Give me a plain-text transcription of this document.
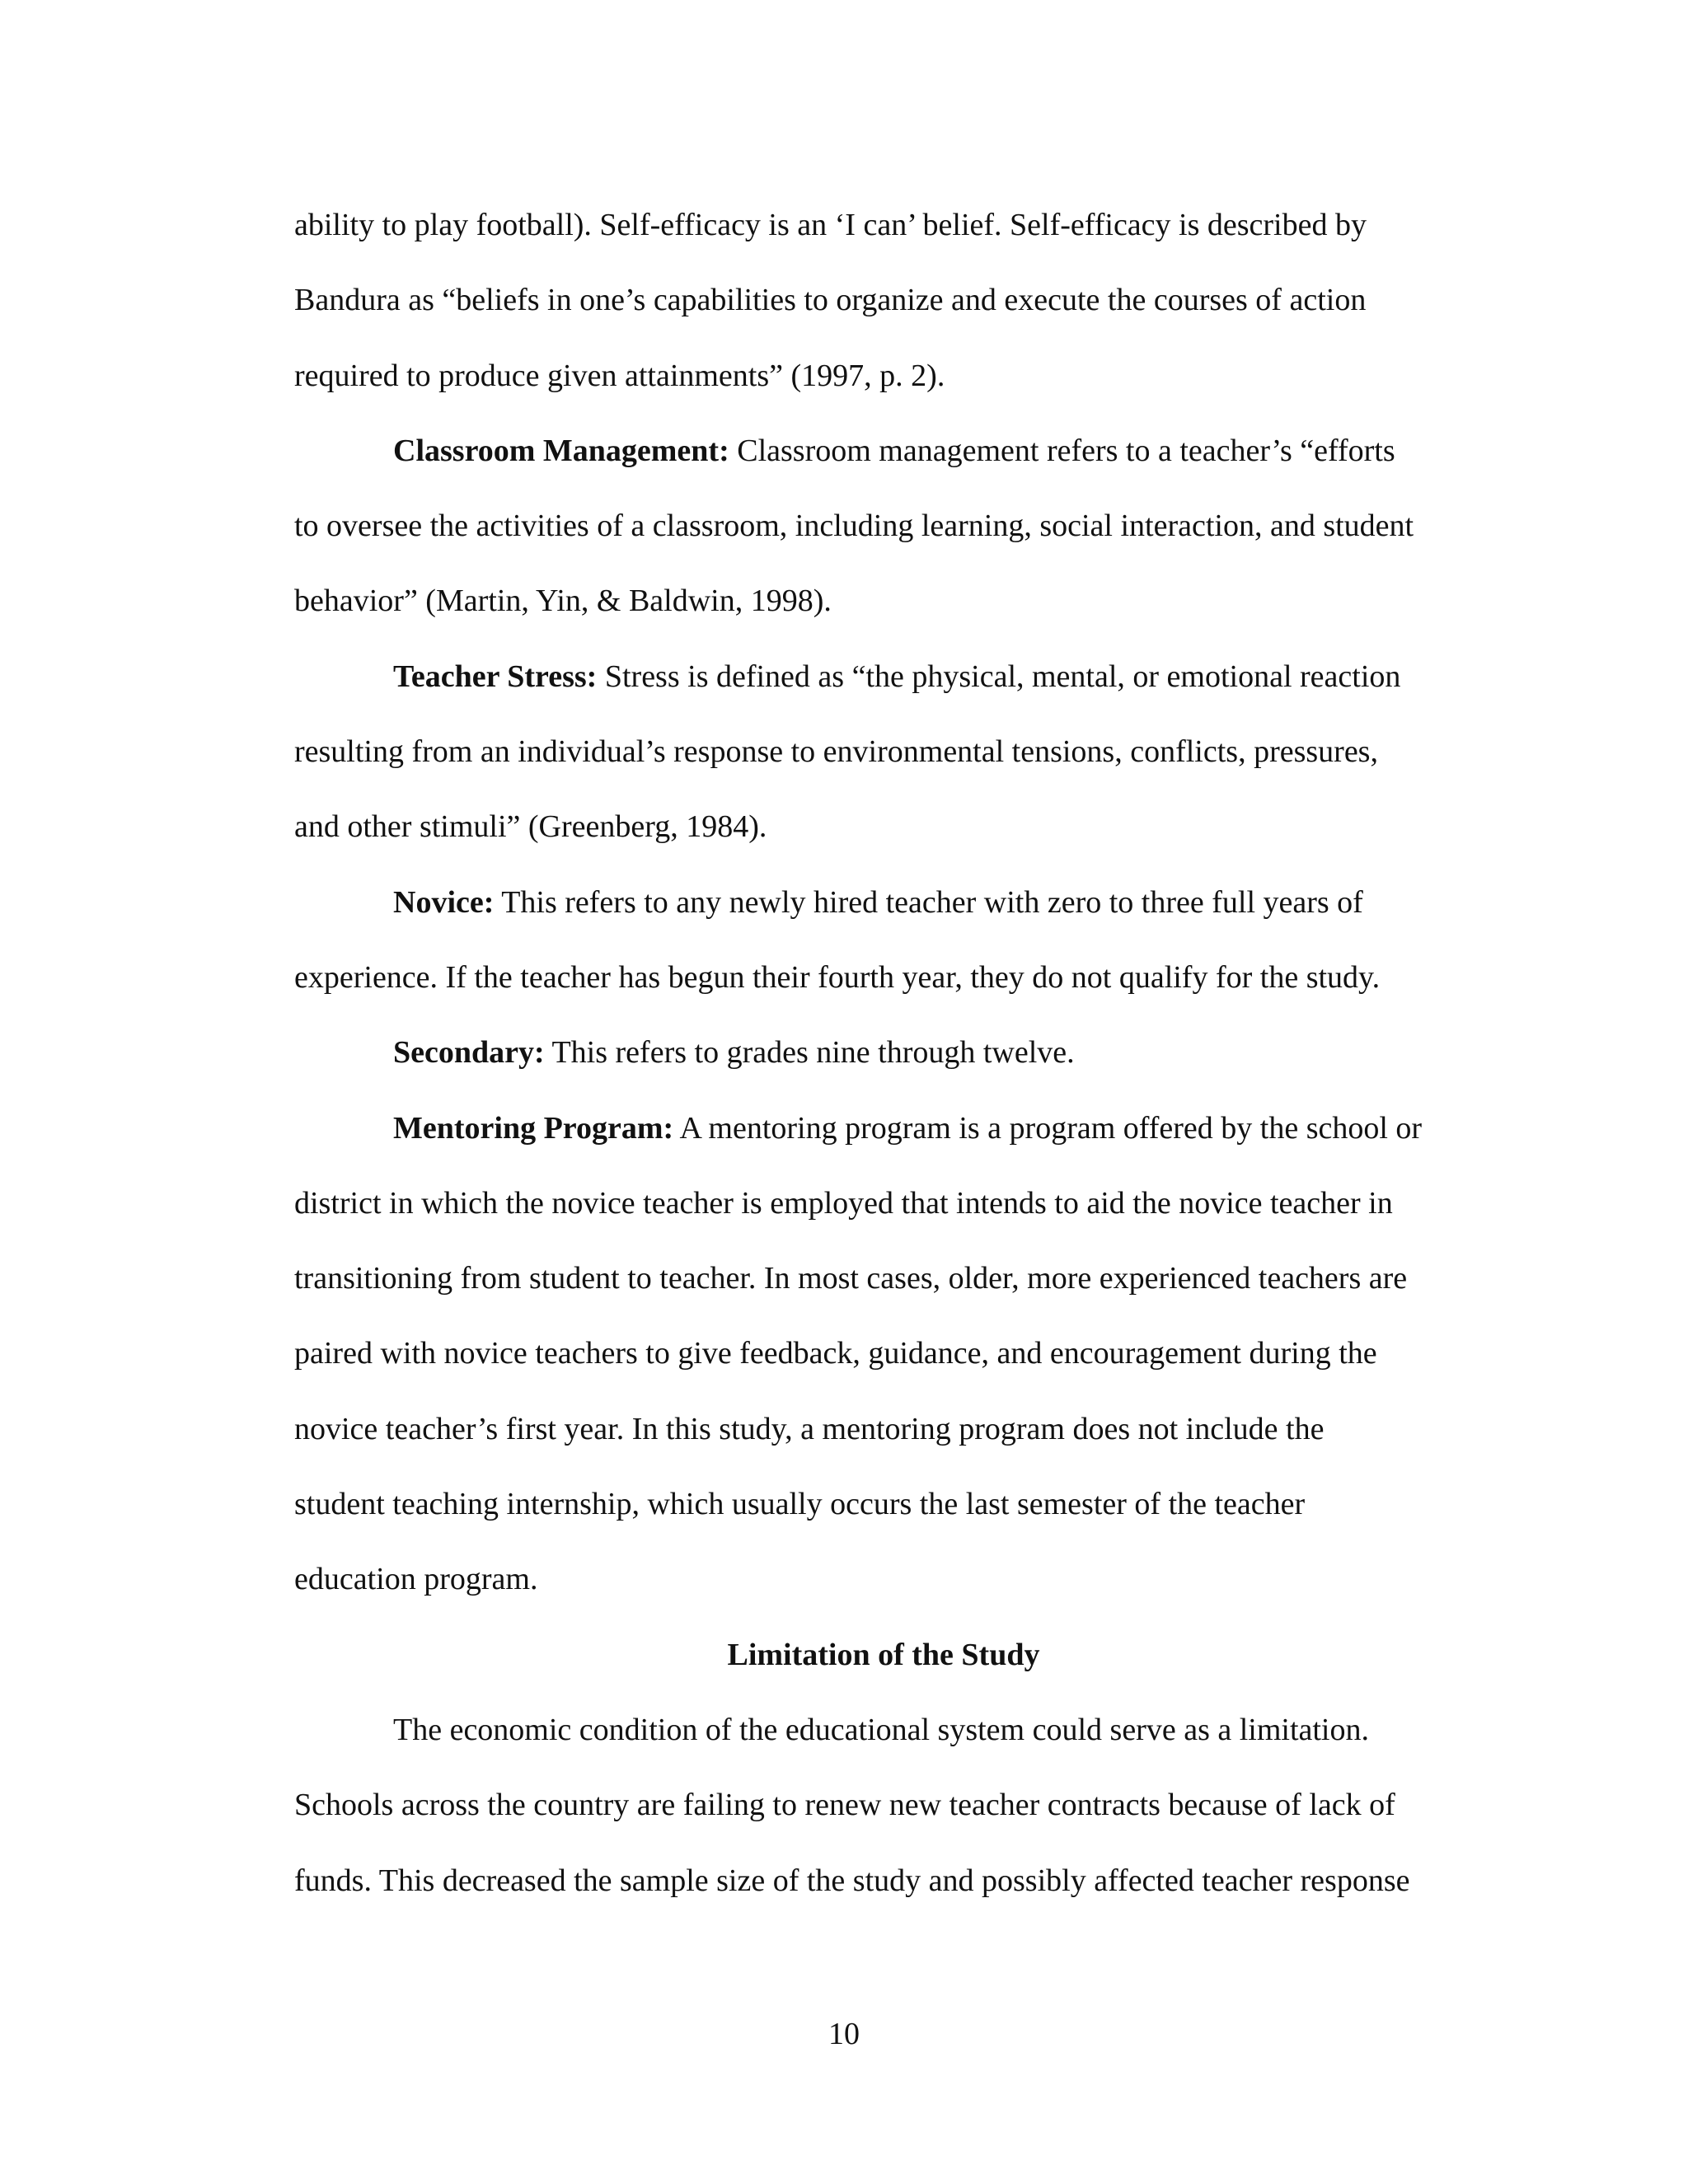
ability to play football). Self-efficacy is an ‘I can’ belief. Self-efficacy is described by
Bandura as “beliefs in one’s capabilities to organize and execute the courses of action
required to produce given attainments” (1997, p. 2).
Classroom Management: Classroom management refers to a teacher’s “efforts
to oversee the activities of a classroom, including learning, social interaction, and student
behavior” (Martin, Yin, & Baldwin, 1998).
Teacher Stress: Stress is defined as “the physical, mental, or emotional reaction
resulting from an individual’s response to environmental tensions, conflicts, pressures,
and other stimuli” (Greenberg, 1984).
Novice: This refers to any newly hired teacher with zero to three full years of
experience. If the teacher has begun their fourth year, they do not qualify for the study.
Secondary: This refers to grades nine through twelve.
Mentoring Program: A mentoring program is a program offered by the school or
district in which the novice teacher is employed that intends to aid the novice teacher in
transitioning from student to teacher. In most cases, older, more experienced teachers are
paired with novice teachers to give feedback, guidance, and encouragement during the
novice teacher’s first year. In this study, a mentoring program does not include the
student teaching internship, which usually occurs the last semester of the teacher
education program.
Limitation of the Study
The economic condition of the educational system could serve as a limitation.
Schools across the country are failing to renew new teacher contracts because of lack of
funds. This decreased the sample size of the study and possibly affected teacher response
10
